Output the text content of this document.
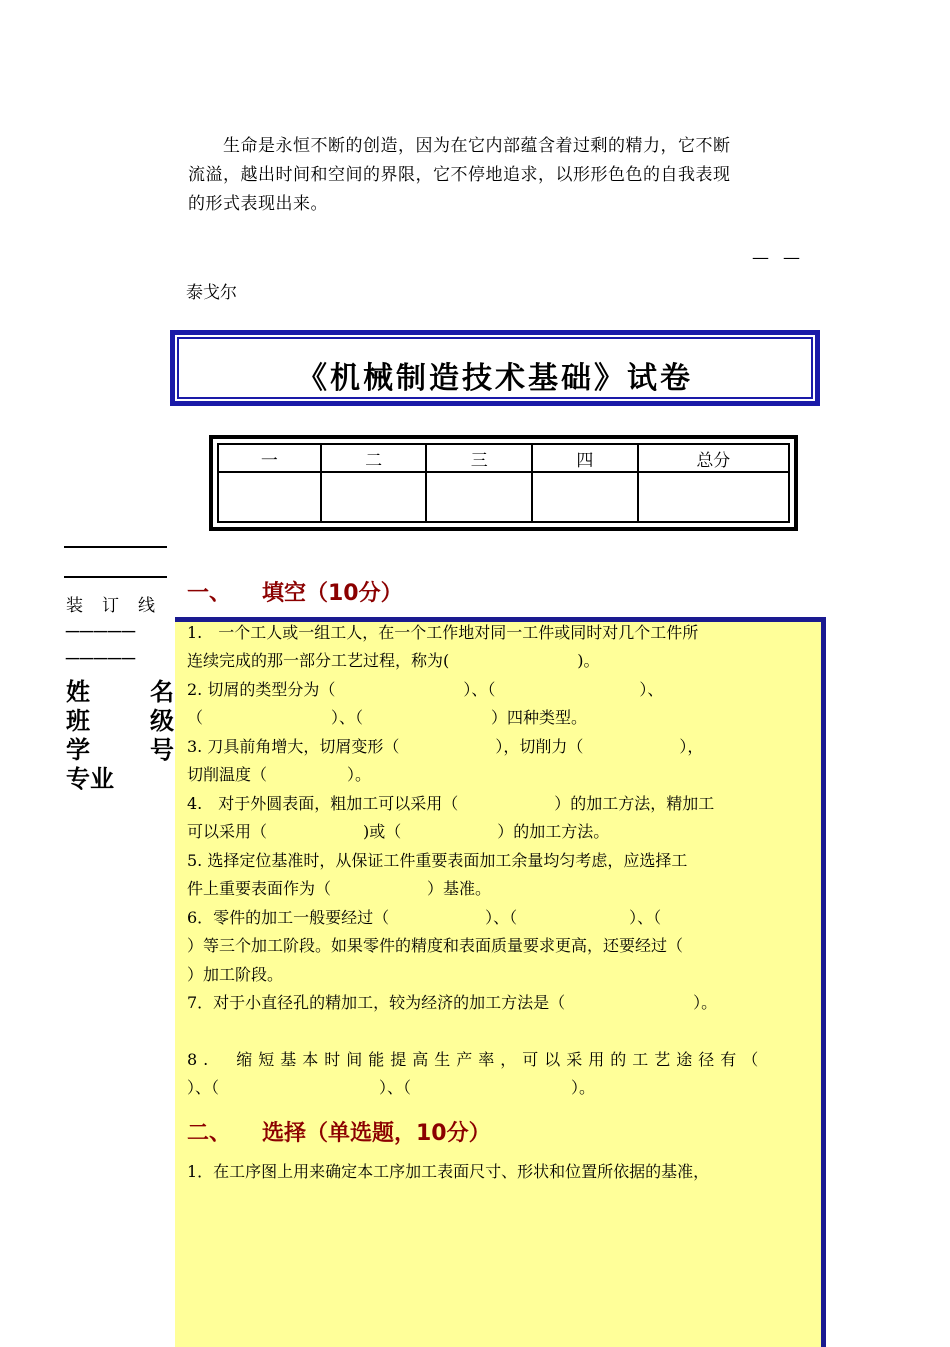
　　生命是永恒不断的创造，因为在它内部蕴含着过剩的精力，它不断
流溢，越出时间和空间的界限，它不停地追求，以形形色色的自我表现
的形式表现出来。
——
泰戈尔
《机械制造技术基础》试卷
一	二	三	四	总分

装　订　线
－－－－－
－－－－－
姓	名
班	级
学	号
专业
一、 填空（10分）
1.　一个工人或一组工人，在一个工作地对同一工件或同时对几个工件所
连续完成的那一部分工艺过程，称为(　　　　　　　　)。
2. 切屑的类型分为（　　　　　　　　）、（　　　　　　　　　）、
（　　　　　　　　）、（　　　　　　　　）四种类型。
3. 刀具前角增大，切屑变形（　　　　　　），切削力（　　　　　　），
切削温度（　　　　　）。
4.　对于外圆表面，粗加工可以采用（　　　　　　）的加工方法，精加工
可以采用（　　　　　　)或（　　　　　　）的加工方法。
5. 选择定位基准时，从保证工件重要表面加工余量均匀考虑，应选择工
件上重要表面作为（　　　　　　）基准。
6．零件的加工一般要经过（　　　　　　）、（　　　　　　　）、（
）等三个加工阶段。如果零件的精度和表面质量要求更高，还要经过（
）加工阶段。
7．对于小直径孔的精加工，较为经济的加工方法是（　　　　　　　　）。
8.　缩短基本时间能提高生产率，可以采用的工艺途径有（
）、（　　　　　　　　　　）、（　　　　　　　　　　）。
二、 选择（单选题，10分）
1．在工序图上用来确定本工序加工表面尺寸、形状和位置所依据的基准，
